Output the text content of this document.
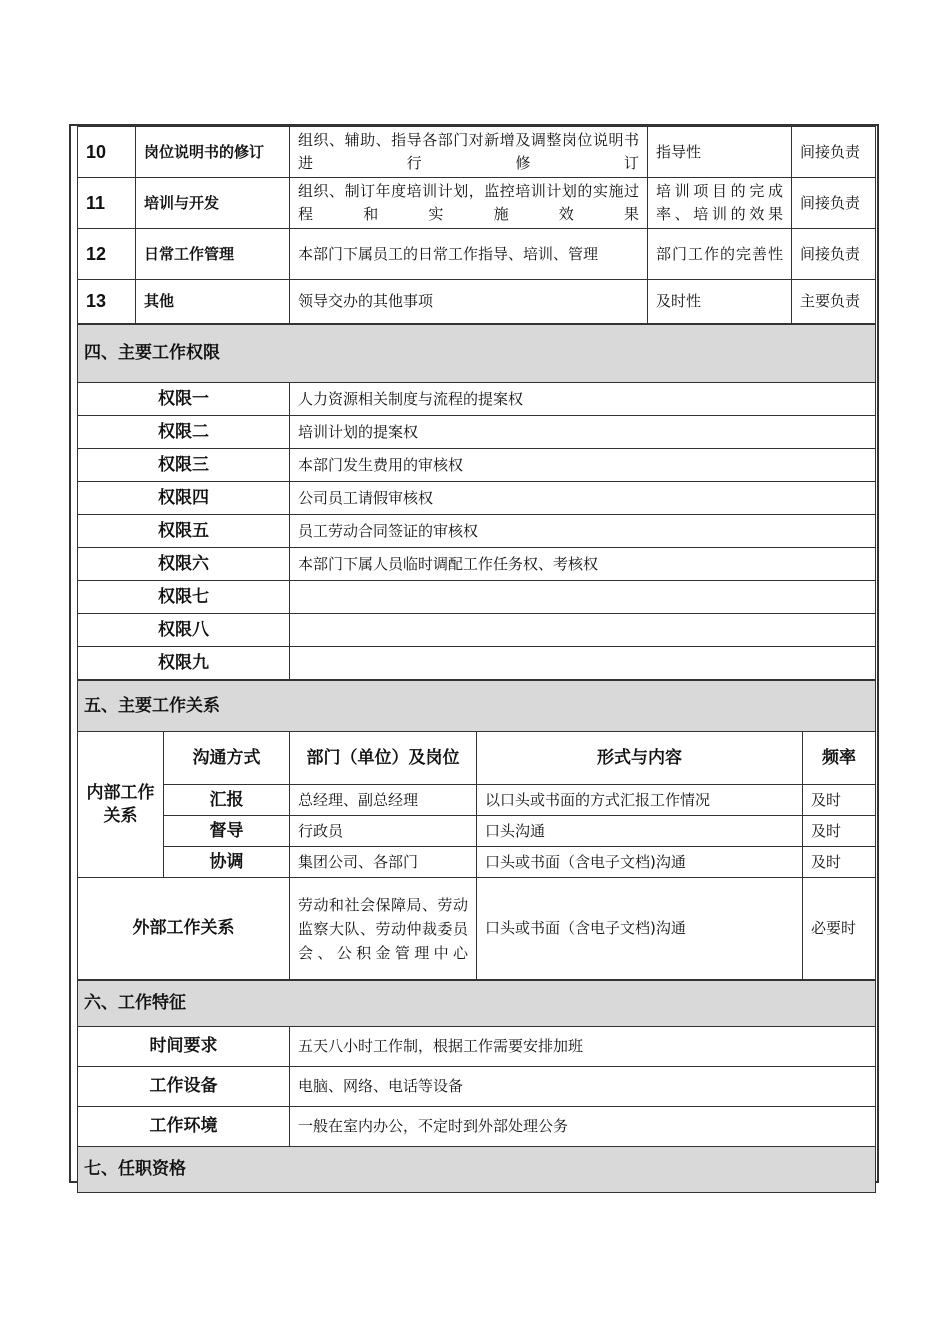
10	岗位说明书的修订	组织、辅助、指导各部门对新增及调整岗位说明书进行修订	指导性	间接负责
11	培训与开发	组织、制订年度培训计划，监控培训计划的实施过程和实施效果	培训项目的完成率、培训的效果	间接负责
12	日常工作管理	本部门下属员工的日常工作指导、培训、管理	部门工作的完善性	间接负责
13	其他	领导交办的其他事项	及时性	主要负责
四、主要工作权限	
权限一	人力资源相关制度与流程的提案权
权限二	培训计划的提案权
权限三	本部门发生费用的审核权
权限四	公司员工请假审核权
权限五	员工劳动合同签证的审核权
权限六	本部门下属人员临时调配工作任务权、考核权
权限七	
权限八	
权限九	
五、主要工作关系				
内部工作关系	沟通方式	部门（单位）及岗位	形式与内容	频率
	汇报	总经理、副总经理	以口头或书面的方式汇报工作情况	及时
	督导	行政员	口头沟通	及时
	协调	集团公司、各部门	口头或书面（含电子文档)沟通	及时
外部工作关系		劳动和社会保障局、劳动监察大队、劳动仲裁委员会、公积金管理中心	口头或书面（含电子文档)沟通	必要时
六、工作特征	
时间要求	五天八小时工作制，根据工作需要安排加班
工作设备	电脑、网络、电话等设备
工作环境	一般在室内办公，不定时到外部处理公务
七、任职资格	
